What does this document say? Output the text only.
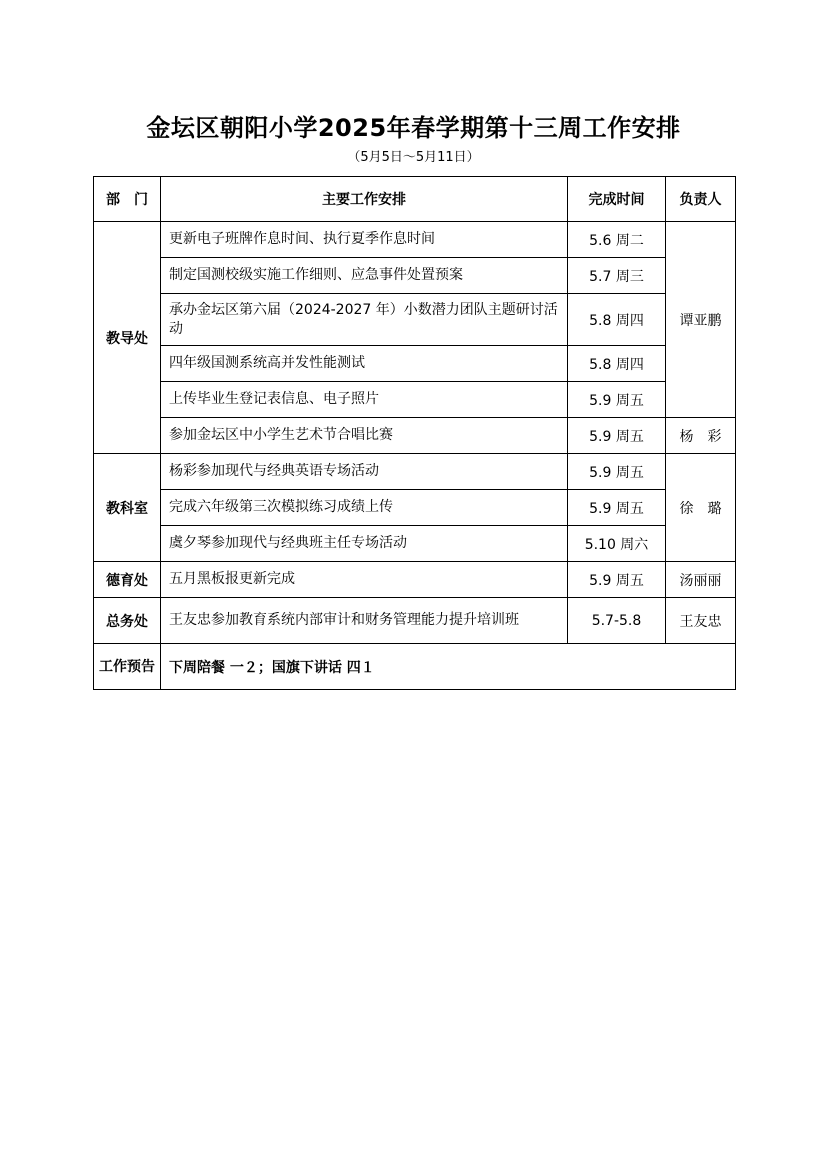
金坛区朝阳小学2025年春学期第十三周工作安排
（5月5日～5月11日）
部　门	主要工作安排	完成时间	负责人
教导处	更新电子班牌作息时间、执行夏季作息时间	5.6 周二	谭亚鹏
	制定国测校级实施工作细则、应急事件处置预案	5.7 周三	
	承办金坛区第六届（2024-2027 年）小数潜力团队主题研讨活动	5.8 周四	
	四年级国测系统高并发性能测试	5.8 周四	
	上传毕业生登记表信息、电子照片	5.9 周五	
	参加金坛区中小学生艺术节合唱比赛	5.9 周五	杨　彩
教科室	杨彩参加现代与经典英语专场活动	5.9 周五	徐　璐
	完成六年级第三次模拟练习成绩上传	5.9 周五	
	虞夕琴参加现代与经典班主任专场活动	5.10 周六	
德育处	五月黑板报更新完成	5.9 周五	汤丽丽
总务处	王友忠参加教育系统内部审计和财务管理能力提升培训班	5.7-5.8	王友忠
工作预告	下周陪餐 一２；国旗下讲话 四１		
